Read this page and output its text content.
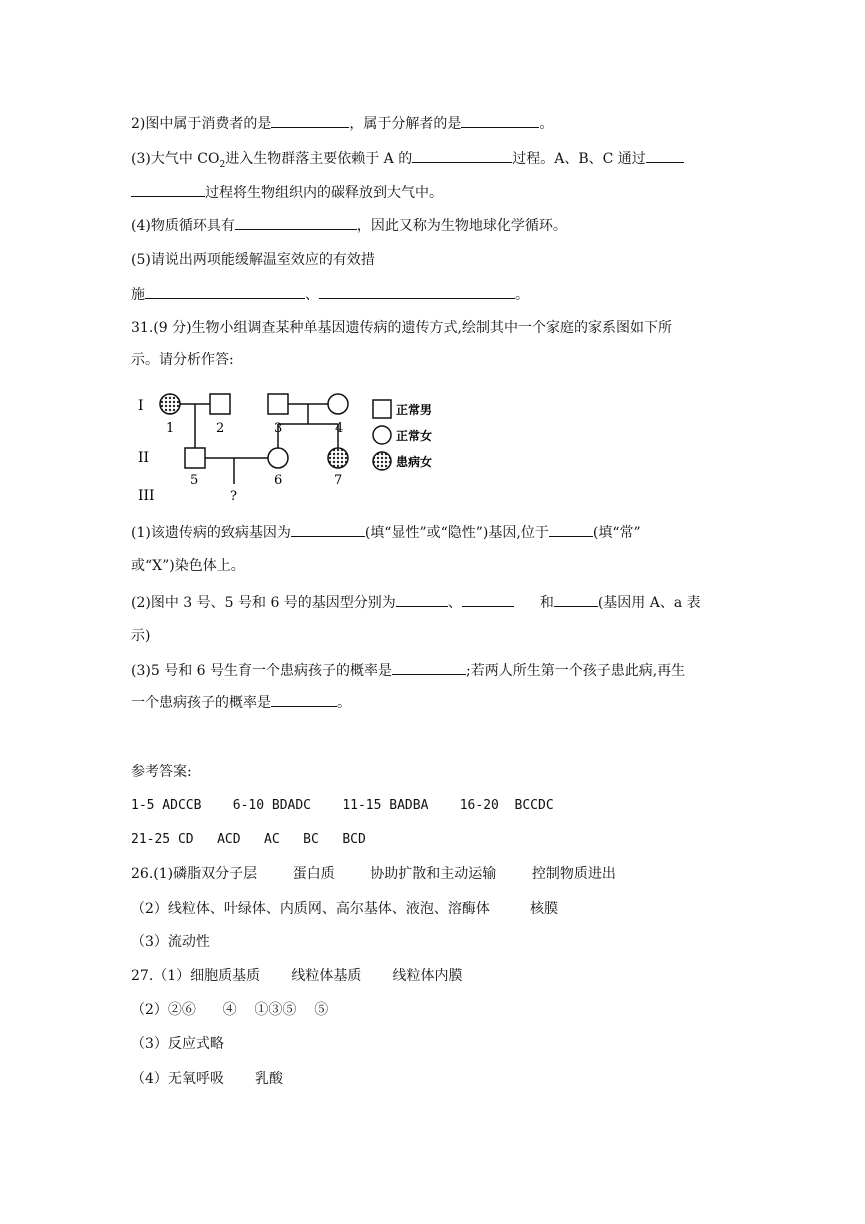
2)图中属于消费者的是	，属于分解者的是	。
(3)大气中 $CO_2$进入生物群落主要依赖于 A 的	过程。A、B、C 通过
过程将生物组织内的碳释放到大气中。
(4)物质循环具有	，因此又称为生物地球化学循环。
(5)请说出两项能缓解温室效应的有效措
施	、	。
31.(9 分)生物小组调查某种单基因遗传病的遗传方式,绘制其中一个家庭的家系图如下所
示。请分析作答:
I
II
III
1	2	3	4
5	6	7
?
正常男
正常女
患病女
(1)该遗传病的致病基因为	(填“显性”或“隐性”)基因,位于	(填“常”
或“X”)染色体上。
(2)图中 3 号、5 号和 6 号的基因型分别为	、	和	(基因用 A、a 表
示)
(3)5 号和 6 号生育一个患病孩子的概率是	;若两人所生第一个孩子患此病,再生
一个患病孩子的概率是	。
参考答案:
1-5 ADCCB    6-10 BDADC    11-15 BADBA    16-20  BCCDC
21-25 CD   ACD   AC   BC   BCD
26.(1)磷脂双分子层        蛋白质        协助扩散和主动运输        控制物质进出
（2）线粒体、叶绿体、内质网、高尔基体、液泡、溶酶体         核膜
（3）流动性
27.（1）细胞质基质       线粒体基质       线粒体内膜
（2）②⑥      ④    ①③⑤    ⑤
（3）反应式略
（4）无氧呼吸       乳酸
